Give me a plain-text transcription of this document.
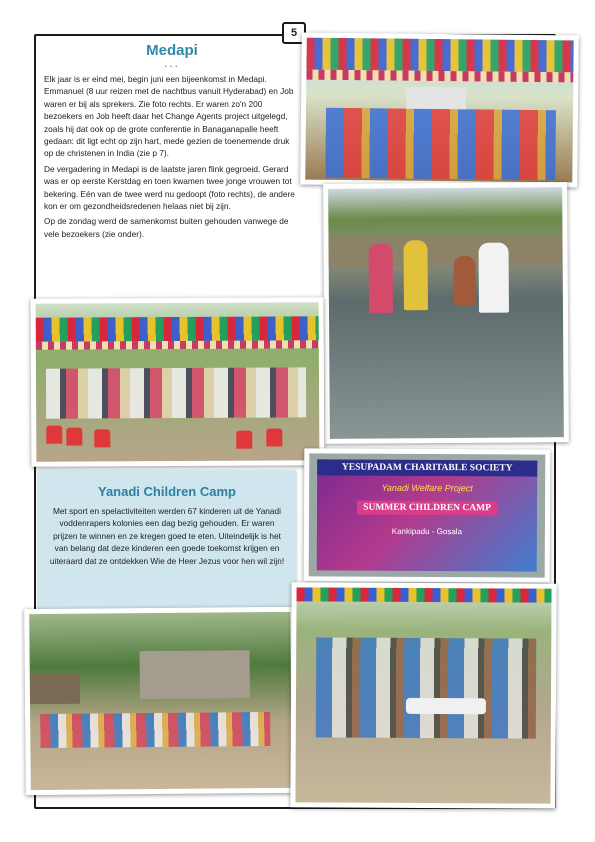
5
Medapi
...

Elk jaar is er eind mei, begin juni een bijeenkomst in Medapi. Emmanuel (8 uur reizen met de nachtbus vanuit Hyderabad) en Job waren er bij als sprekers. Zie foto rechts. Er waren zo'n 200 bezoekers en Job heeft daar het Change Agents project uitgelegd, zoals hij dat ook op de grote conferentie in Banaganapalle heeft gedaan: dit ligt echt op zijn hart, mede gezien de toenemende druk op de christenen in India (zie p 7).

De vergadering in Medapi is de laatste jaren flink gegroeid. Gerard was er op eerste Kerstdag en toen kwamen twee jonge vrouwen tot bekering. Eén van de twee werd nu gedoopt (foto rechts), de andere kon er om gezondheidsredenen helaas niet bij zijn.

Op de zondag werd de samenkomst buiten gehouden vanwege de vele bezoekers (zie onder).

Yanadi Children Camp
Met sport en spelactiviteiten werden 67 kinderen uit de Yanadi voddenrapers kolonies een dag bezig gehouden. Er waren prijzen te winnen en ze kregen goed te eten. Uiteindelijk is het van belang dat deze kinderen een goede toekomst krijgen en uiteraard dat ze ontdekken Wie de Heer Jezus voor hen wil zijn!
YESUPADAM CHARITABLE SOCIETY
Yanadi Welfare Project
SUMMER CHILDREN CAMP
Kankipadu - Gosala
